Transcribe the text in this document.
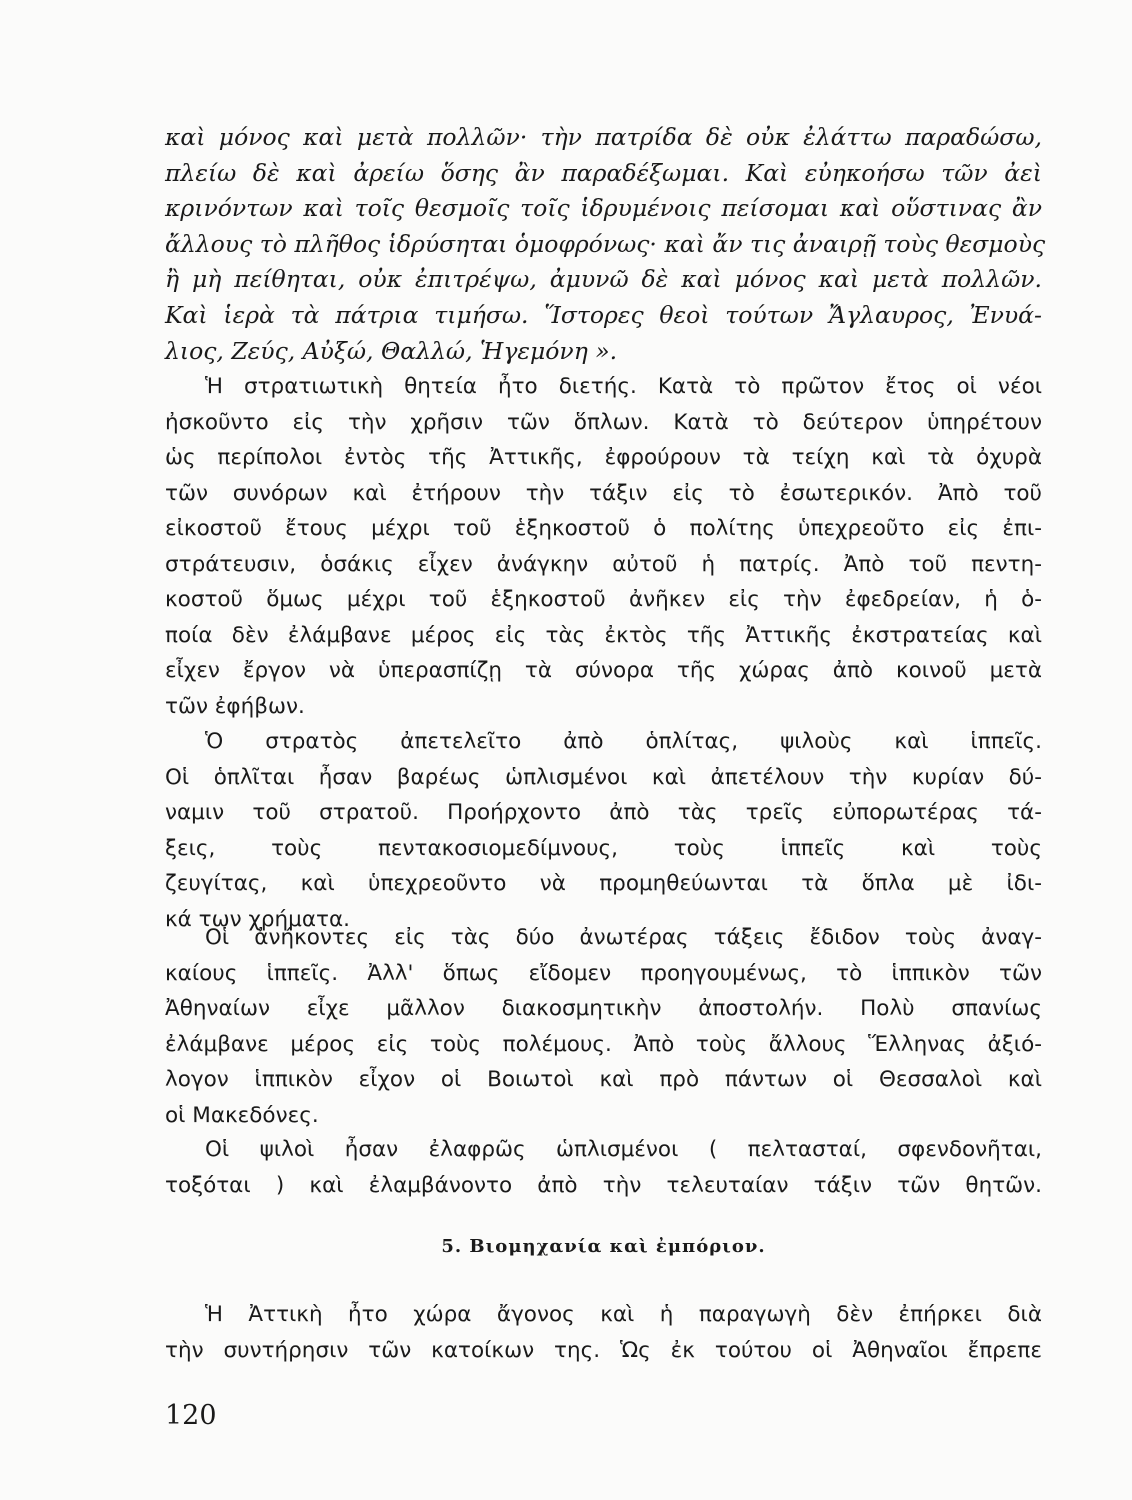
καὶ μόνος καὶ μετὰ πολλῶν· τὴν πατρίδα δὲ οὐκ ἐλάττω παραδώσω,
πλείω δὲ καὶ ἀρείω ὅσης ἂν παραδέξωμαι. Καὶ εὐηκοήσω τῶν ἀεὶ
κρινόντων καὶ τοῖς θεσμοῖς τοῖς ἱδρυμένοις πείσομαι καὶ οὕστινας ἂν
ἄλλους τὸ πλῆθος ἱδρύσηται ὁμοφρόνως· καὶ ἄν τις ἀναιρῇ τοὺς θεσμοὺς
ἢ μὴ πείθηται, οὐκ ἐπιτρέψω, ἀμυνῶ δὲ καὶ μόνος καὶ μετὰ πολλῶν.
Καὶ ἱερὰ τὰ πάτρια τιμήσω. Ἵστορες θεοὶ τούτων Ἄγλαυρος, Ἐνυά-
λιος, Ζεύς, Αὐξώ, Θαλλώ, Ἡγεμόνη ».
Ἡ στρατιωτικὴ θητεία ἦτο διετής. Κατὰ τὸ πρῶτον ἔτος οἱ νέοι
ἠσκοῦντο εἰς τὴν χρῆσιν τῶν ὅπλων. Κατὰ τὸ δεύτερον ὑπηρέτουν
ὡς περίπολοι ἐντὸς τῆς Ἀττικῆς, ἐφρούρουν τὰ τείχη καὶ τὰ ὀχυρὰ
τῶν συνόρων καὶ ἐτήρουν τὴν τάξιν εἰς τὸ ἐσωτερικόν. Ἀπὸ τοῦ
εἰκοστοῦ ἔτους μέχρι τοῦ ἑξηκοστοῦ ὁ πολίτης ὑπεχρεοῦτο εἰς ἐπι-
στράτευσιν, ὁσάκις εἶχεν ἀνάγκην αὐτοῦ ἡ πατρίς. Ἀπὸ τοῦ πεντη-
κοστοῦ ὅμως μέχρι τοῦ ἑξηκοστοῦ ἀνῆκεν εἰς τὴν ἐφεδρείαν, ἡ ὁ-
ποία δὲν ἐλάμβανε μέρος εἰς τὰς ἐκτὸς τῆς Ἀττικῆς ἐκστρατείας καὶ
εἶχεν ἔργον νὰ ὑπερασπίζῃ τὰ σύνορα τῆς χώρας ἀπὸ κοινοῦ μετὰ
τῶν ἐφήβων.
Ὁ στρατὸς ἀπετελεῖτο ἀπὸ ὁπλίτας, ψιλοὺς καὶ ἱππεῖς.
Οἱ ὁπλῖται ἦσαν βαρέως ὡπλισμένοι καὶ ἀπετέλουν τὴν κυρίαν δύ-
ναμιν τοῦ στρατοῦ. Προήρχοντο ἀπὸ τὰς τρεῖς εὐπορωτέρας τά-
ξεις, τοὺς πεντακοσιομεδίμνους, τοὺς ἱππεῖς καὶ τοὺς
ζευγίτας, καὶ ὑπεχρεοῦντο νὰ προμηθεύωνται τὰ ὅπλα μὲ ἰδι-
κά των χρήματα.
Οἱ ἀνήκοντες εἰς τὰς δύο ἀνωτέρας τάξεις ἔδιδον τοὺς ἀναγ-
καίους ἱππεῖς. Ἀλλ' ὅπως εἴδομεν προηγουμένως, τὸ ἱππικὸν τῶν
Ἀθηναίων εἶχε μᾶλλον διακοσμητικὴν ἀποστολήν. Πολὺ σπανίως
ἐλάμβανε μέρος εἰς τοὺς πολέμους. Ἀπὸ τοὺς ἄλλους Ἕλληνας ἀξιό-
λογον ἱππικὸν εἶχον οἱ Βοιωτοὶ καὶ πρὸ πάντων οἱ Θεσσαλοὶ καὶ
οἱ Μακεδόνες.
Οἱ ψιλοὶ ἦσαν ἐλαφρῶς ὡπλισμένοι ( πελτασταί, σφενδονῆται,
τοξόται ) καὶ ἐλαμβάνοντο ἀπὸ τὴν τελευταίαν τάξιν τῶν θητῶν.
5. Βιομηχανία καὶ ἐμπόριον.
Ἡ Ἀττικὴ ἦτο χώρα ἄγονος καὶ ἡ παραγωγὴ δὲν ἐπήρκει διὰ
τὴν συντήρησιν τῶν κατοίκων της. Ὡς ἐκ τούτου οἱ Ἀθηναῖοι ἔπρεπε
120
